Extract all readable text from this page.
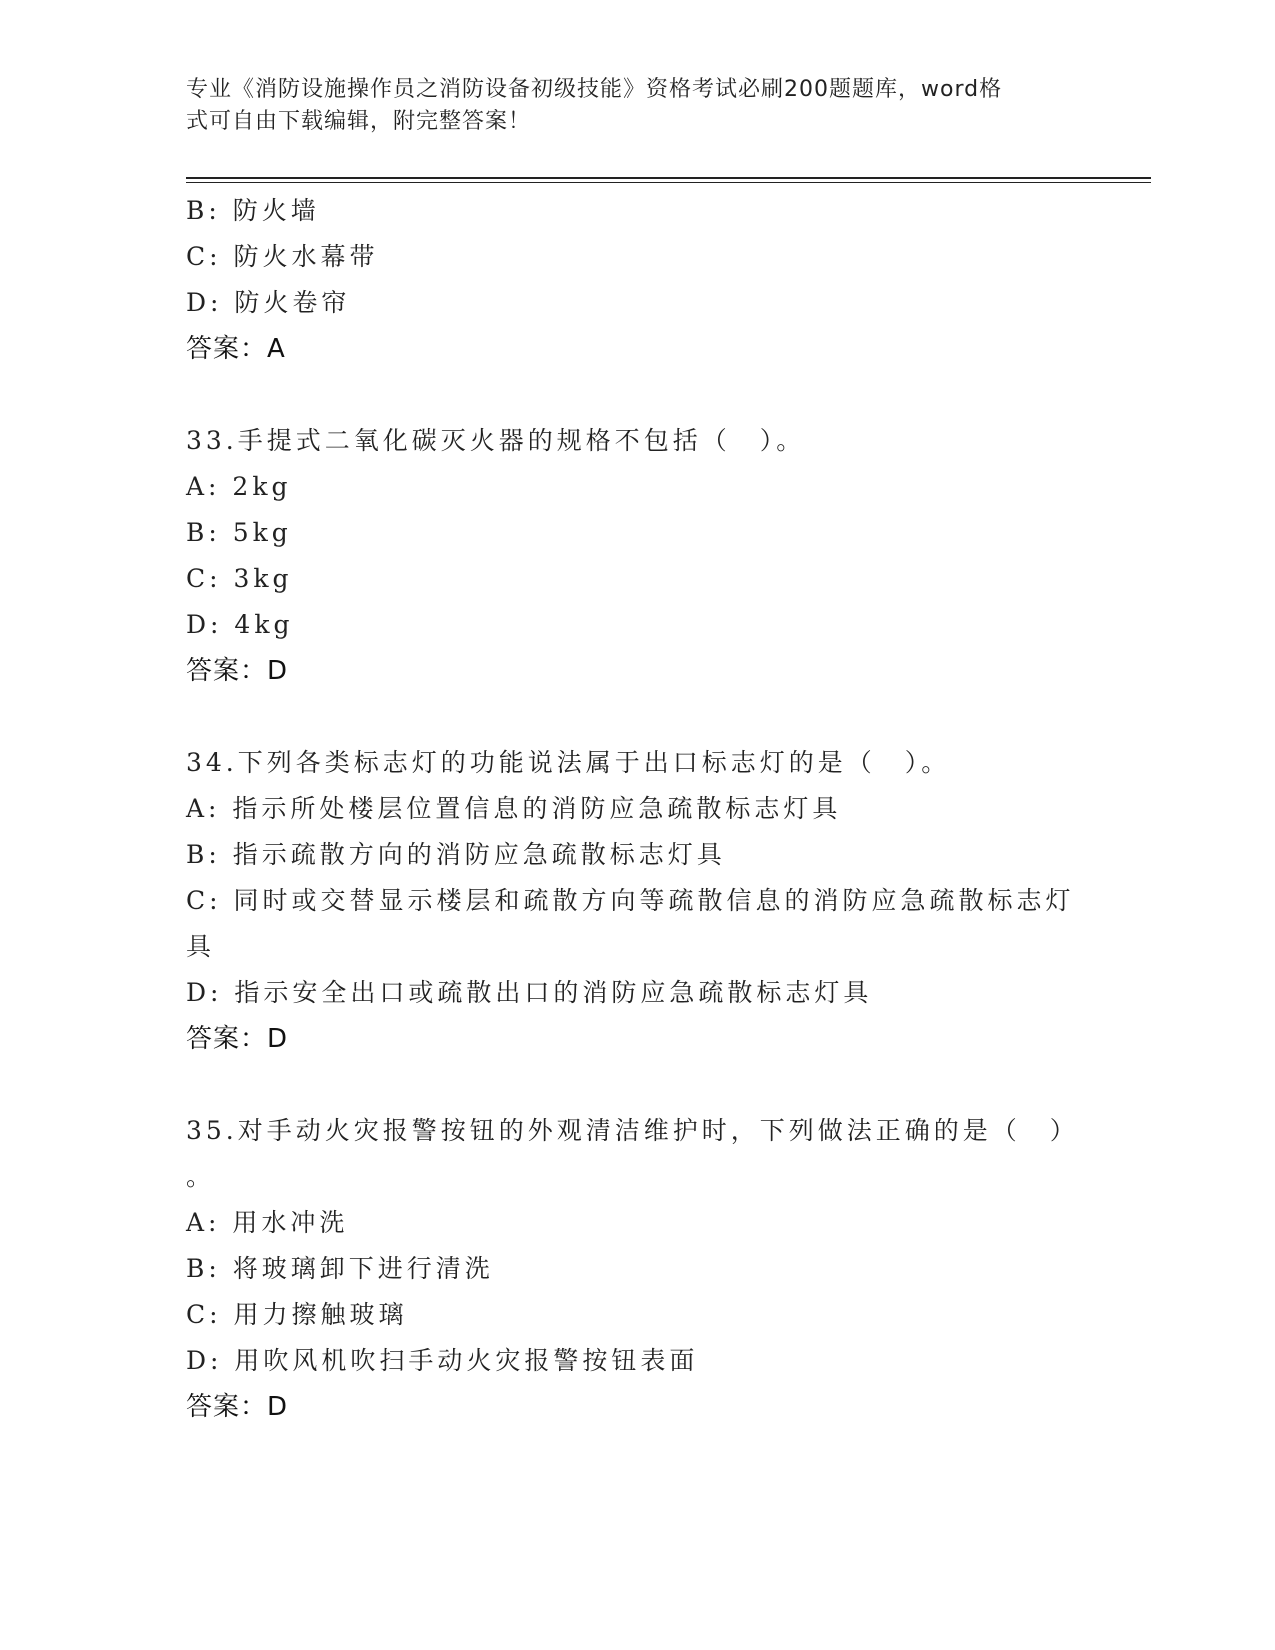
专业《消防设施操作员之消防设备初级技能》资格考试必刷200题题库，word格
式可自由下载编辑，附完整答案！
B: 防火墙
C: 防火水幕带
D: 防火卷帘
答案：A
33.手提式二氧化碳灭火器的规格不包括（　）。
A: 2kg
B: 5kg
C: 3kg
D: 4kg
答案：D
34.下列各类标志灯的功能说法属于出口标志灯的是（　）。
A: 指示所处楼层位置信息的消防应急疏散标志灯具
B: 指示疏散方向的消防应急疏散标志灯具
C: 同时或交替显示楼层和疏散方向等疏散信息的消防应急疏散标志灯
具
D: 指示安全出口或疏散出口的消防应急疏散标志灯具
答案：D
35.对手动火灾报警按钮的外观清洁维护时，下列做法正确的是（　）
。
A: 用水冲洗
B: 将玻璃卸下进行清洗
C: 用力擦触玻璃
D: 用吹风机吹扫手动火灾报警按钮表面
答案：D
